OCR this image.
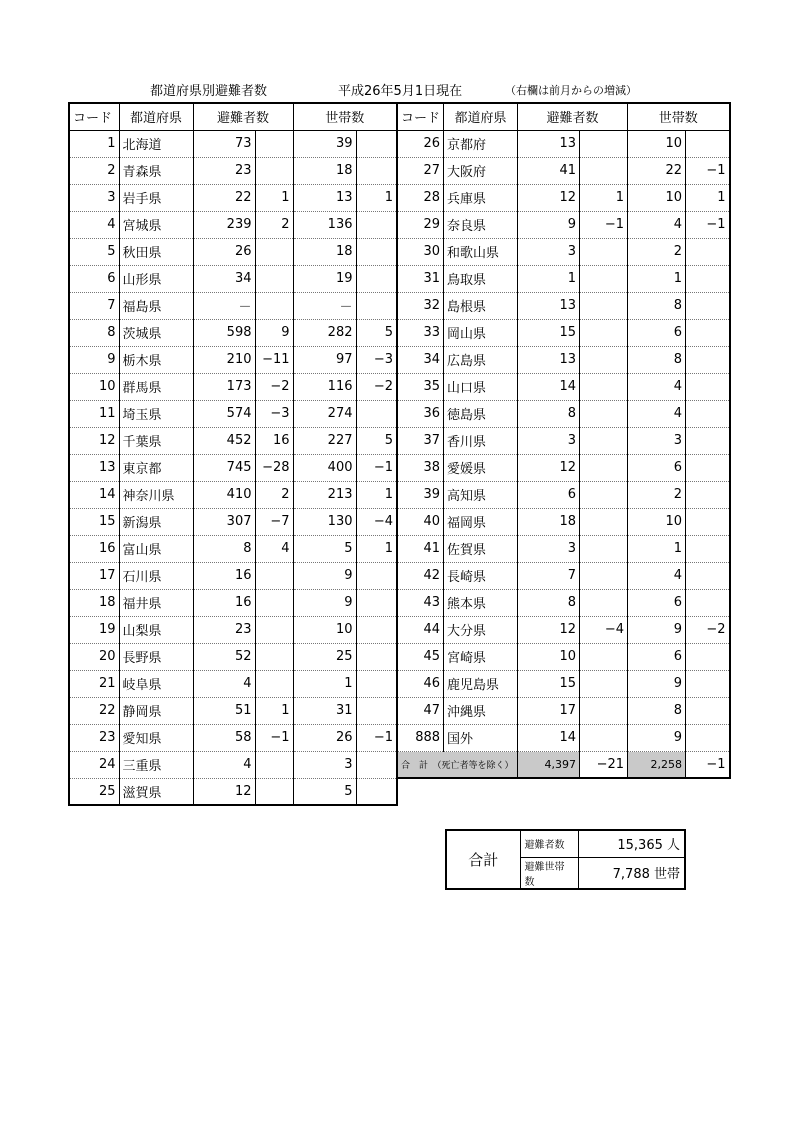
都道府県別避難者数	平成26年5月1日現在	（右欄は前月からの増減）
コード	都道府県	避難者数		世帯数	
1	北海道	73		39	
2	青森県	23		18	
3	岩手県	22	1	13	1
4	宮城県	239	2	136	
5	秋田県	26		18	
6	山形県	34		19	
7	福島県	－		－	
8	茨城県	598	9	282	5
9	栃木県	210	−11	97	−3
10	群馬県	173	−2	116	−2
11	埼玉県	574	−3	274	
12	千葉県	452	16	227	5
13	東京都	745	−28	400	−1
14	神奈川県	410	2	213	1
15	新潟県	307	−7	130	−4
16	富山県	8	4	5	1
17	石川県	16		9	
18	福井県	16		9	
19	山梨県	23		10	
20	長野県	52		25	
21	岐阜県	4		1	
22	静岡県	51	1	31	
23	愛知県	58	−1	26	−1
24	三重県	4		3	
25	滋賀県	12		5	
コード	都道府県	避難者数		世帯数	
26	京都府	13		10	
27	大阪府	41		22	−1
28	兵庫県	12	1	10	1
29	奈良県	9	−1	4	−1
30	和歌山県	3		2	
31	鳥取県	1		1	
32	島根県	13		8	
33	岡山県	15		6	
34	広島県	13		8	
35	山口県	14		4	
36	徳島県	8		4	
37	香川県	3		3	
38	愛媛県	12		6	
39	高知県	6		2	
40	福岡県	18		10	
41	佐賀県	3		1	
42	長崎県	7		4	
43	熊本県	8		6	
44	大分県	12	−4	9	−2
45	宮崎県	10		6	
46	鹿児島県	15		9	
47	沖縄県	17		8	
888	国外	14		9	
合　計　（死亡者等を除く）		4,397	−21	2,258	−1
合計	避難者数	15,365 人
	避難世帯数	7,788 世帯
